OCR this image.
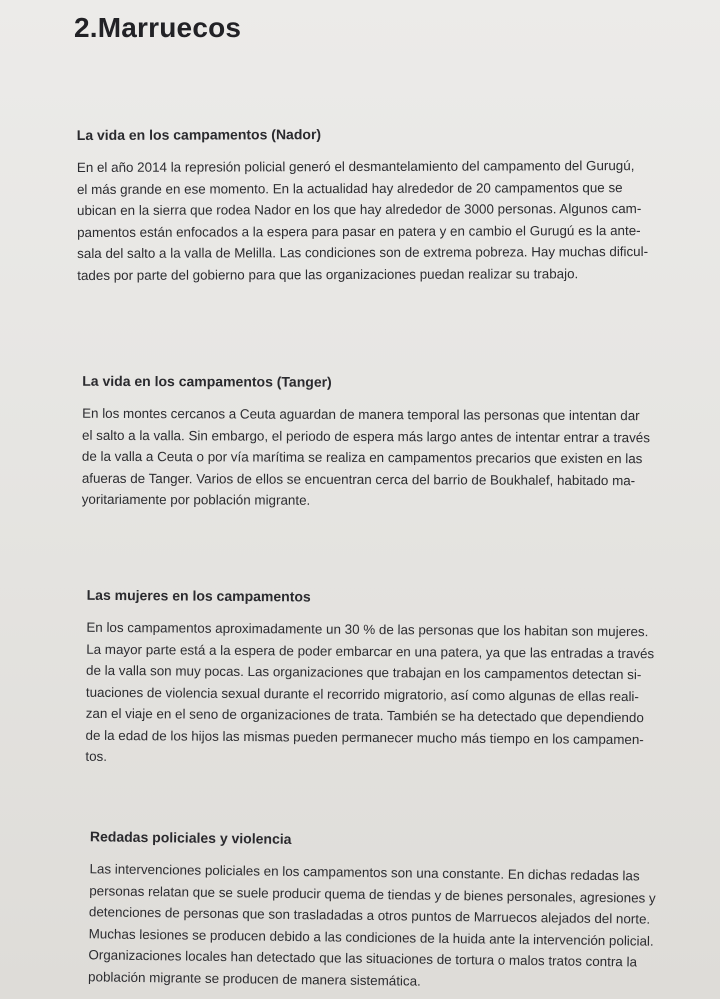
2.Marruecos
La vida en los campamentos (Nador)

En el año 2014 la represión policial generó el desmantelamiento del campamento del Gurugú,
el más grande en ese momento. En la actualidad hay alrededor de 20 campamentos que se
ubican en la sierra que rodea Nador en los que hay alrededor de 3000 personas. Algunos cam-
pamentos están enfocados a la espera para pasar en patera y en cambio el Gurugú es la ante-
sala del salto a la valla de Melilla. Las condiciones son de extrema pobreza. Hay muchas dificul-
tades por parte del gobierno para que las organizaciones puedan realizar su trabajo.

La vida en los campamentos (Tanger)

En los montes cercanos a Ceuta aguardan de manera temporal las personas que intentan dar
el salto a la valla. Sin embargo, el periodo de espera más largo antes de intentar entrar a través
de la valla a Ceuta o por vía marítima se realiza en campamentos precarios que existen en las
afueras de Tanger. Varios de ellos se encuentran cerca del barrio de Boukhalef, habitado ma-
yoritariamente por población migrante.

Las mujeres en los campamentos

En los campamentos aproximadamente un 30 % de las personas que los habitan son mujeres.
La mayor parte está a la espera de poder embarcar en una patera, ya que las entradas a través
de la valla son muy pocas. Las organizaciones que trabajan en los campamentos detectan si-
tuaciones de violencia sexual durante el recorrido migratorio, así como algunas de ellas reali-
zan el viaje en el seno de organizaciones de trata. También se ha detectado que dependiendo
de la edad de los hijos las mismas pueden permanecer mucho más tiempo en los campamen-
tos.

Redadas policiales y violencia

Las intervenciones policiales en los campamentos son una constante. En dichas redadas las
personas relatan que se suele producir quema de tiendas y de bienes personales, agresiones y
detenciones de personas que son trasladadas a otros puntos de Marruecos alejados del norte.
Muchas lesiones se producen debido a las condiciones de la huida ante la intervención policial.
Organizaciones locales han detectado que las situaciones de tortura o malos tratos contra la
población migrante se producen de manera sistemática.
